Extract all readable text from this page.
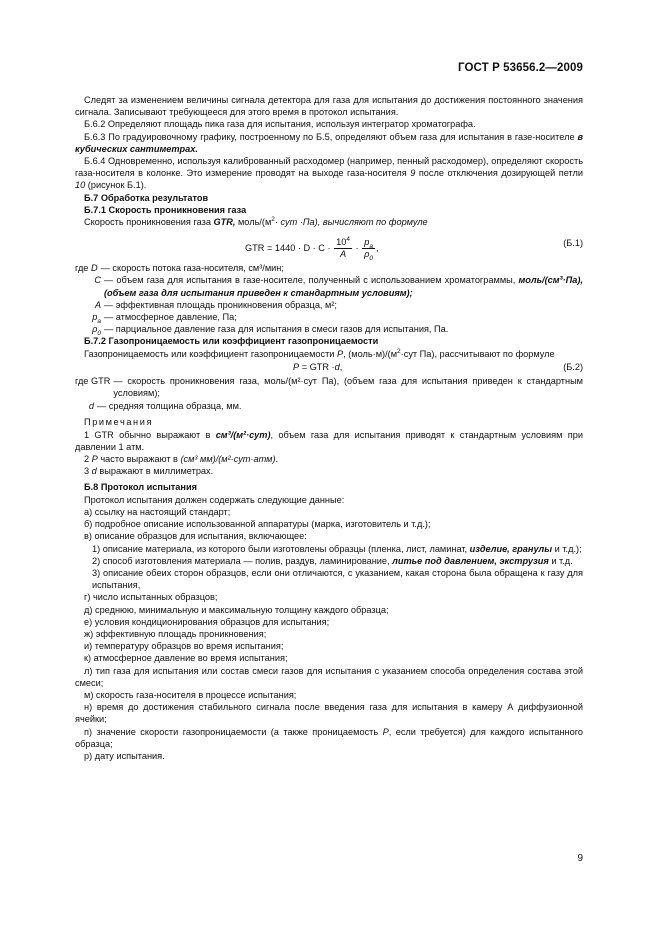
ГОСТ Р 53656.2—2009

Следят за изменением величины сигнала детектора для газа для испытания до достижения постоянного значения сигнала. Записывают требующееся для этого время в протокол испытания.

Б.6.2 Определяют площадь пика газа для испытания, используя интегратор хроматографа.

Б.6.3 По градуировочному графику, построенному по Б.5, определяют объем газа для испытания в газе-носителе в кубических сантиметрах.

Б.6.4 Одновременно, используя калиброванный расходомер (например, пенный расходомер), определяют скорость газа-носителя в колонке. Это измерение проводят на выходе газа-носителя 9 после отключения дозирующей петли 10 (рисунок Б.1).

Б.7 Обработка результатов

Б.7.1 Скорость проникновения газа

Скорость проникновения газа GTR, моль/($м^2\cdot$ сут ·Па), вычисляют по формуле

GTR = $1440 \cdot D \cdot C \cdot \frac{10^4}{A} \cdot \frac{p_a}{\rho_0}$ ,	(Б.1)
где D — скорость потока газа-носителя, см³/мин;
C — объем газа для испытания в газе-носителе, полученный с использованием хроматограммы, моль/(см³·Па), (объем газа для испытания приведен к стандартным условиям);
A — эффективная площадь проникновения образца, м²;
$p_a$ — атмосферное давление, Па;
$\rho_0$ — парциальное давление газа для испытания в смеси газов для испытания, Па.

Б.7.2 Газопроницаемость или коэффициент газопроницаемости

Газопроницаемость или коэффициент газопроницаемости P, $(моль\cdot м)/(м^2\cdot сут$ Па), рассчитывают по формуле

P = GTR ·d,	(Б.2)
где GTR — скорость проникновения газа, моль/(м²·сут Па), (объем газа для испытания приведен к стандартным условиям);
d — средняя толщина образца, мм.

Примечания

1 GTR обычно выражают в см³/(м²·сут), объем газа для испытания приводят к стандартным условиям при давлении 1 атм.

2 P часто выражают в (см³ мм)/(м²·сут·атм).

3 d выражают в миллиметрах.

Б.8 Протокол испытания

Протокол испытания должен содержать следующие данные:

а) ссылку на настоящий стандарт;

б) подробное описание использованной аппаратуры (марка, изготовитель и т.д.);

в) описание образцов для испытания, включающее:

1) описание материала, из которого были изготовлены образцы (пленка, лист, ламинат, изделие, гранулы и т.д.);

2) способ изготовления материала — полив, раздув, ламинирование, литье под давлением, экструзия и т.д.

3) описание обеих сторон образцов, если они отличаются, с указанием, какая сторона была обращена к газу для испытания,

г) число испытанных образцов;

д) среднюю, минимальную и максимальную толщину каждого образца;

е) условия кондиционирования образцов для испытания;

ж) эффективную площадь проникновения;

и) температуру образцов во время испытания;

к) атмосферное давление во время испытания;

л) тип газа для испытания или состав смеси газов для испытания с указанием способа определения состава этой смеси;

м) скорость газа-носителя в процессе испытания;

н) время до достижения стабильного сигнала после введения газа для испытания в камеру А диффузионной ячейки;

п) значение скорости газопроницаемости (а также проницаемость P, если требуется) для каждого испытанного образца;

р) дату испытания.

9
